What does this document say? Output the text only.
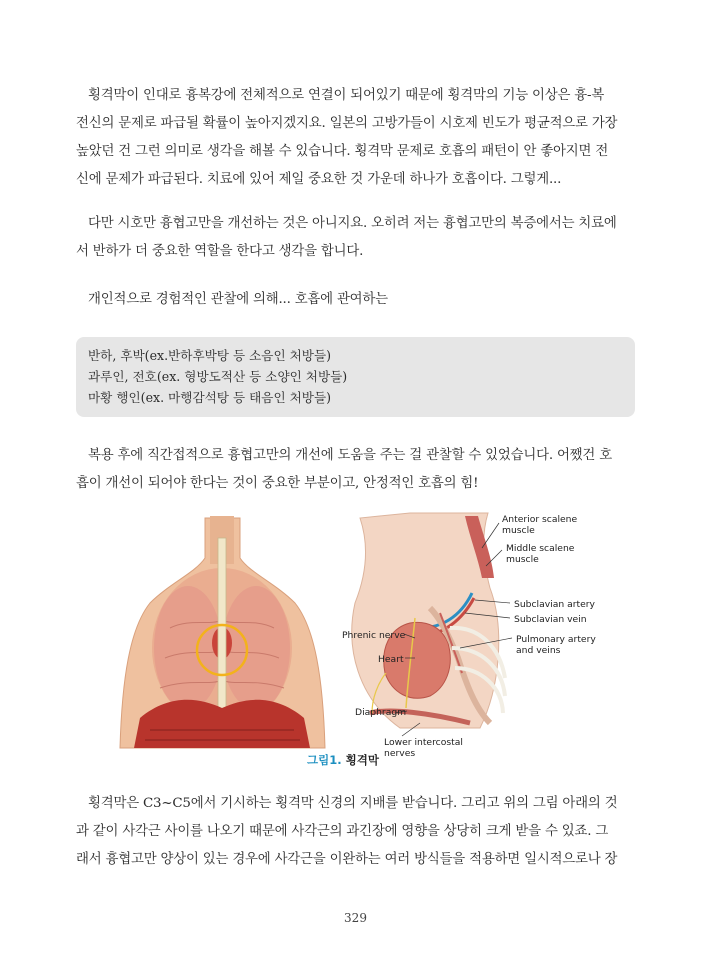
횡격막이 인대로 흉복강에 전체적으로 연결이 되어있기 때문에 횡격막의 기능 이상은 흉-복
전신의 문제로 파급될 확률이 높아지겠지요. 일본의 고방가들이 시호제 빈도가 평균적으로 가장
높았던 건 그런 의미로 생각을 해볼 수 있습니다. 횡격막 문제로 호흡의 패턴이 안 좋아지면 전
신에 문제가 파급된다. 치료에 있어 제일 중요한 것 가운데 하나가 호흡이다. 그렇게...
다만 시호만 흉협고만을 개선하는 것은 아니지요. 오히려 저는 흉협고만의 복증에서는 치료에
서 반하가 더 중요한 역할을 한다고 생각을 합니다.
개인적으로 경험적인 관찰에 의해... 호흡에 관여하는
반하, 후박(ex.반하후박탕 등 소음인 처방들)
과루인, 전호(ex. 형방도적산 등 소양인 처방들)
마황 행인(ex. 마행감석탕 등 태음인 처방들)
복용 후에 직간접적으로 흉협고만의 개선에 도움을 주는 걸 관찰할 수 있었습니다. 어쨌건 호
흡이 개선이 되어야 한다는 것이 중요한 부분이고, 안정적인 호흡의 힘!
Anterior scalene muscle
Middle scalene muscle
Subclavian artery
Subclavian vein
Pulmonary artery and veins
Phrenic nerve
Heart
Diaphragm
Lower intercostal nerves
그림1. 횡격막
횡격막은 C3~C5에서 기시하는 횡격막 신경의 지배를 받습니다. 그리고 위의 그림 아래의 것
과 같이 사각근 사이를 나오기 때문에 사각근의 과긴장에 영향을 상당히 크게 받을 수 있죠. 그
래서 흉협고만 양상이 있는 경우에 사각근을 이완하는 여러 방식들을 적용하면 일시적으로나 장
329
